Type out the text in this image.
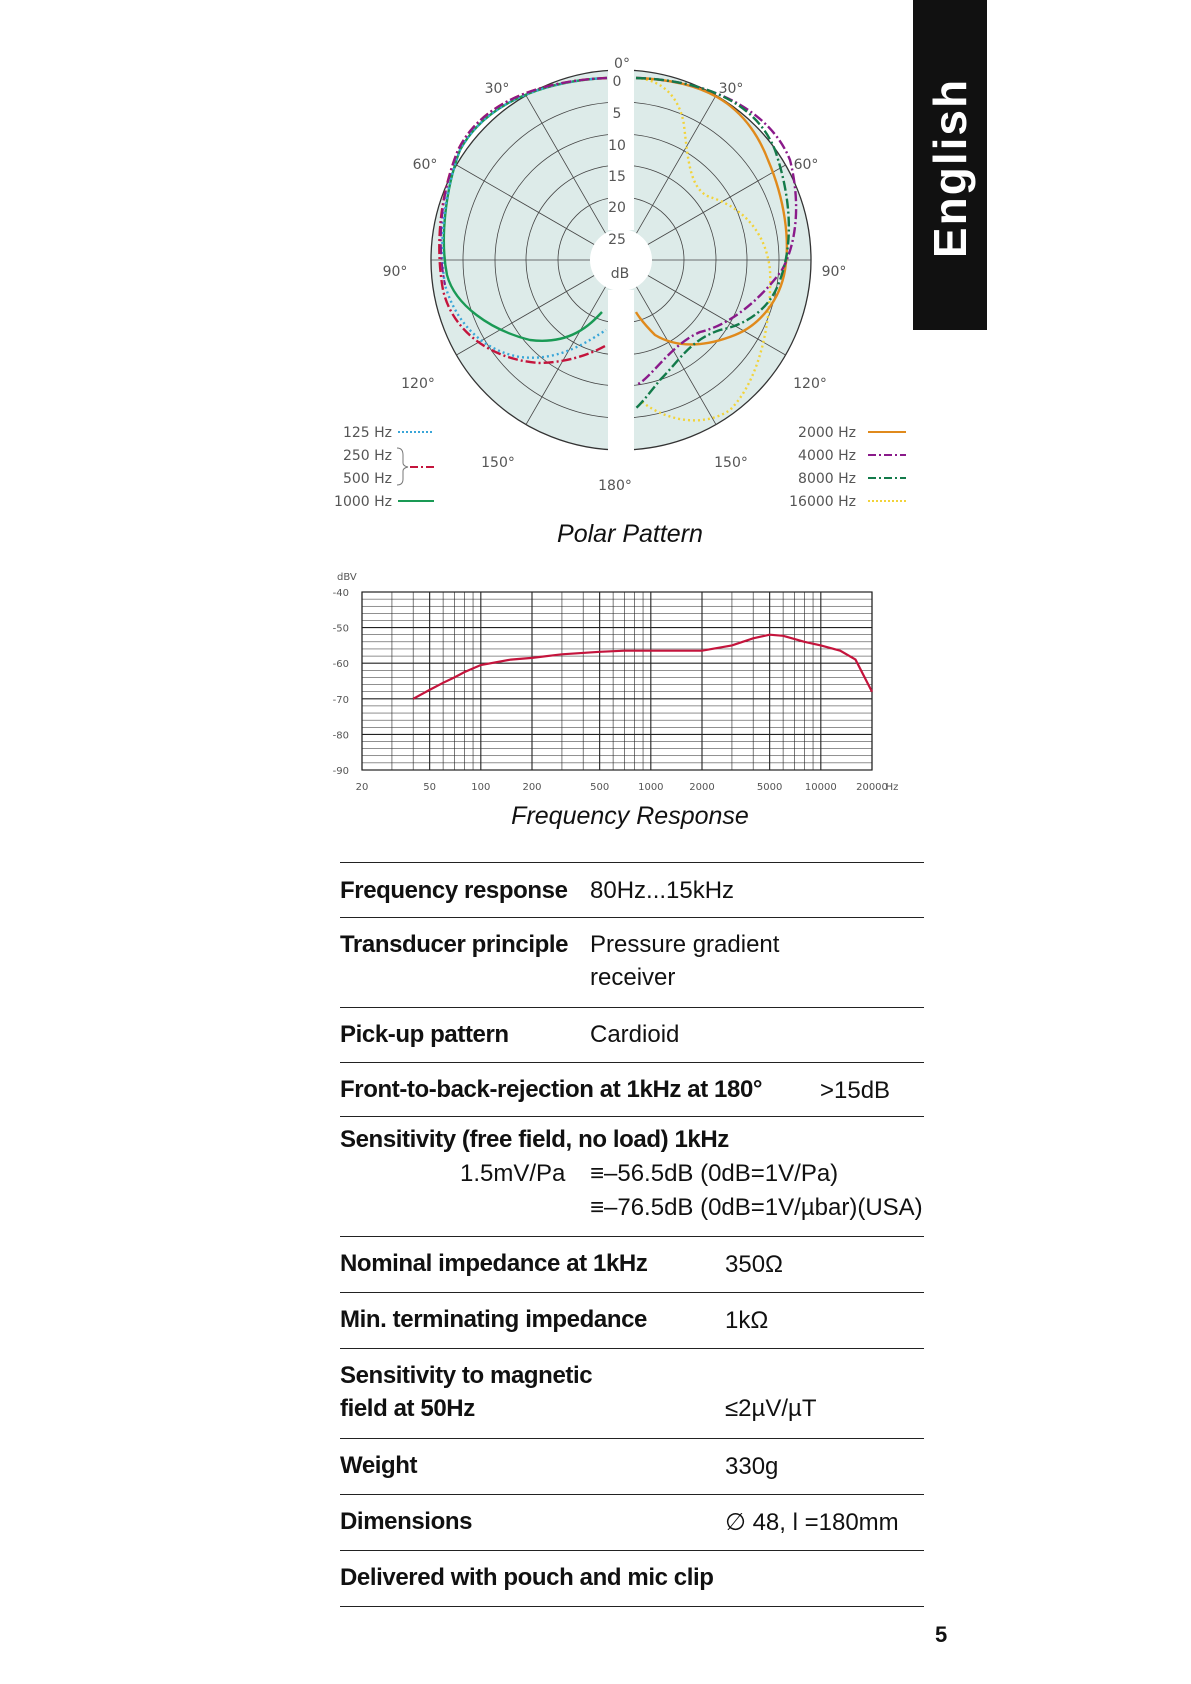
English
30°	30°
60°	60°
90°	90°
120°	120°
150°	150°
180°
0°
0
5
10
15
20
25
dB
125 Hz
250 Hz
500 Hz
1000 Hz
2000 Hz
4000 Hz
8000 Hz
16000 Hz
Polar Pattern
dBV
-40
-50
-60
-70
-80
-90
20	50	100	200	500	1000	2000	5000 10000 20000
Hz
Frequency Response
Frequency response 80Hz...15kHz
Transducer principle Pressure gradient
receiver
Pick-up pattern	Cardioid
Front-to-back-rejection at 1kHz at 180° >15dB
Sensitivity (free field, no load) 1kHz
1.5mV/Pa ≡–56.5dB (0dB=1V/Pa)
≡–76.5dB (0dB=1V/µbar)(USA)
Nominal impedance at 1kHz	350Ω
Min. terminating impedance	1kΩ
Sensitivity to magnetic
field at 50Hz	≤2µV/µT
Weight	330g
Dimensions	∅ 48, l =180mm
Delivered with pouch and mic clip
5
